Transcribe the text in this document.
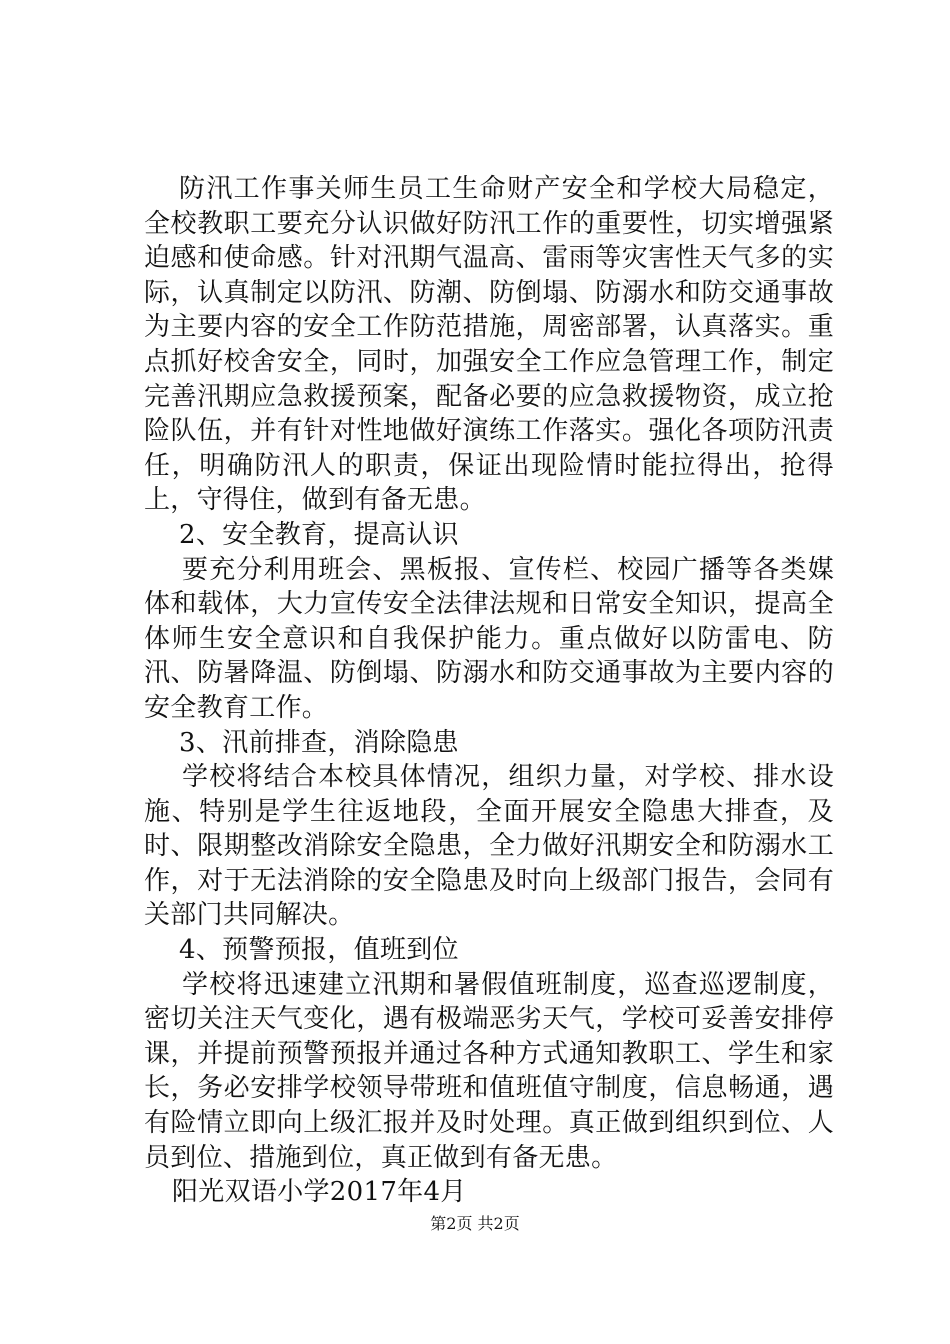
防汛工作事关师生员工生命财产安全和学校大局稳定，全校教职工要充分认识做好防汛工作的重要性，切实增强紧迫感和使命感。针对汛期气温高、雷雨等灾害性天气多的实际，认真制定以防汛、防潮、防倒塌、防溺水和防交通事故为主要内容的安全工作防范措施，周密部署，认真落实。重点抓好校舍安全，同时，加强安全工作应急管理工作，制定完善汛期应急救援预案，配备必要的应急救援物资，成立抢险队伍，并有针对性地做好演练工作落实。强化各项防汛责任，明确防汛人的职责，保证出现险情时能拉得出，抢得上，守得住，做到有备无患。

2、安全教育，提高认识

要充分利用班会、黑板报、宣传栏、校园广播等各类媒体和载体，大力宣传安全法律法规和日常安全知识，提高全体师生安全意识和自我保护能力。重点做好以防雷电、防汛、防暑降温、防倒塌、防溺水和防交通事故为主要内容的安全教育工作。

3、汛前排查，消除隐患

学校将结合本校具体情况，组织力量，对学校、排水设施、特别是学生往返地段，全面开展安全隐患大排查，及时、限期整改消除安全隐患，全力做好汛期安全和防溺水工作，对于无法消除的安全隐患及时向上级部门报告，会同有关部门共同解决。

4、预警预报，值班到位

学校将迅速建立汛期和暑假值班制度，巡查巡逻制度，密切关注天气变化，遇有极端恶劣天气，学校可妥善安排停课，并提前预警预报并通过各种方式通知教职工、学生和家长，务必安排学校领导带班和值班值守制度，信息畅通，遇有险情立即向上级汇报并及时处理。真正做到组织到位、人员到位、措施到位，真正做到有备无患。

阳光双语小学2017年4月

第2页 共2页
